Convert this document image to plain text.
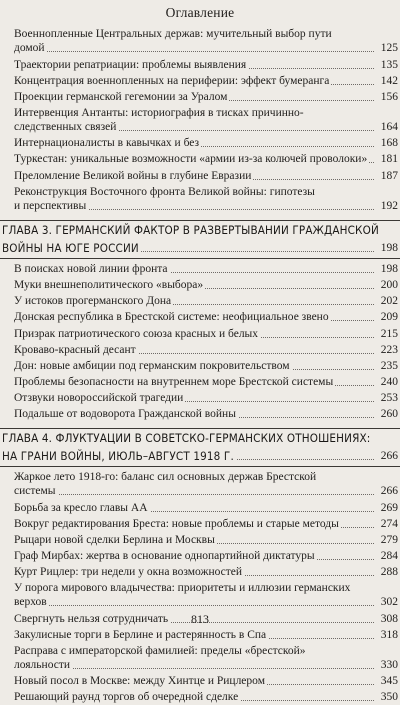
Оглавление
Военнопленные Центральных держав: мучительный выбор пути
домой	125
Траектории репатриации: проблемы выявления	135
Концентрация военнопленных на периферии: эффект бумеранга	142
Проекции германской гегемонии за Уралом	156
Интервенция Антанты: историография в тисках причинно-
следственных связей	164
Интернационалисты в кавычках и без	168
Туркестан: уникальные возможности «армии из-за колючей проволоки»	181
Преломление Великой войны в глубине Евразии	187
Реконструкция Восточного фронта Великой войны: гипотезы
и перспективы	192
ГЛАВА 3. ГЕРМАНСКИЙ ФАКТОР В РАЗВЕРТЫВАНИИ ГРАЖДАНСКОЙ
ВОЙНЫ НА ЮГЕ РОССИИ	198
В поисках новой линии фронта	198
Муки внешнеполитического «выбора»	200
У истоков прогерманского Дона	202
Донская республика в Брестской системе: неофициальное звено	209
Призрак патриотического союза красных и белых	215
Кроваво-красный десант	223
Дон: новые амбиции под германским покровительством	235
Проблемы безопасности на внутреннем море Брестской системы	240
Отзвуки новороссийской трагедии	253
Подальше от водоворота Гражданской войны	260
ГЛАВА 4. ФЛУКТУАЦИИ В СОВЕТСКО-ГЕРМАНСКИХ ОТНОШЕНИЯХ:
НА ГРАНИ ВОЙНЫ, ИЮЛЬ–АВГУСТ 1918 Г.	266
Жаркое лето 1918-го: баланс сил основных держав Брестской
системы	266
Борьба за кресло главы АА	269
Вокруг редактирования Бреста: новые проблемы и старые методы	274
Рыцари новой сделки Берлина и Москвы	279
Граф Мирбах: жертва в основание однопартийной диктатуры	284
Курт Рицлер: три недели у окна возможностей	288
У порога мирового владычества: приоритеты и иллюзии германских
верхов	302
Свергнуть нельзя сотрудничать	308
Закулисные торги в Берлине и растерянность в Спа	318
Расправа с императорской фамилией: пределы «брестской»
лояльности	330
Новый посол в Москве: между Хинтце и Рицлером	345
Решающий раунд торгов об очередной сделке	350
813
